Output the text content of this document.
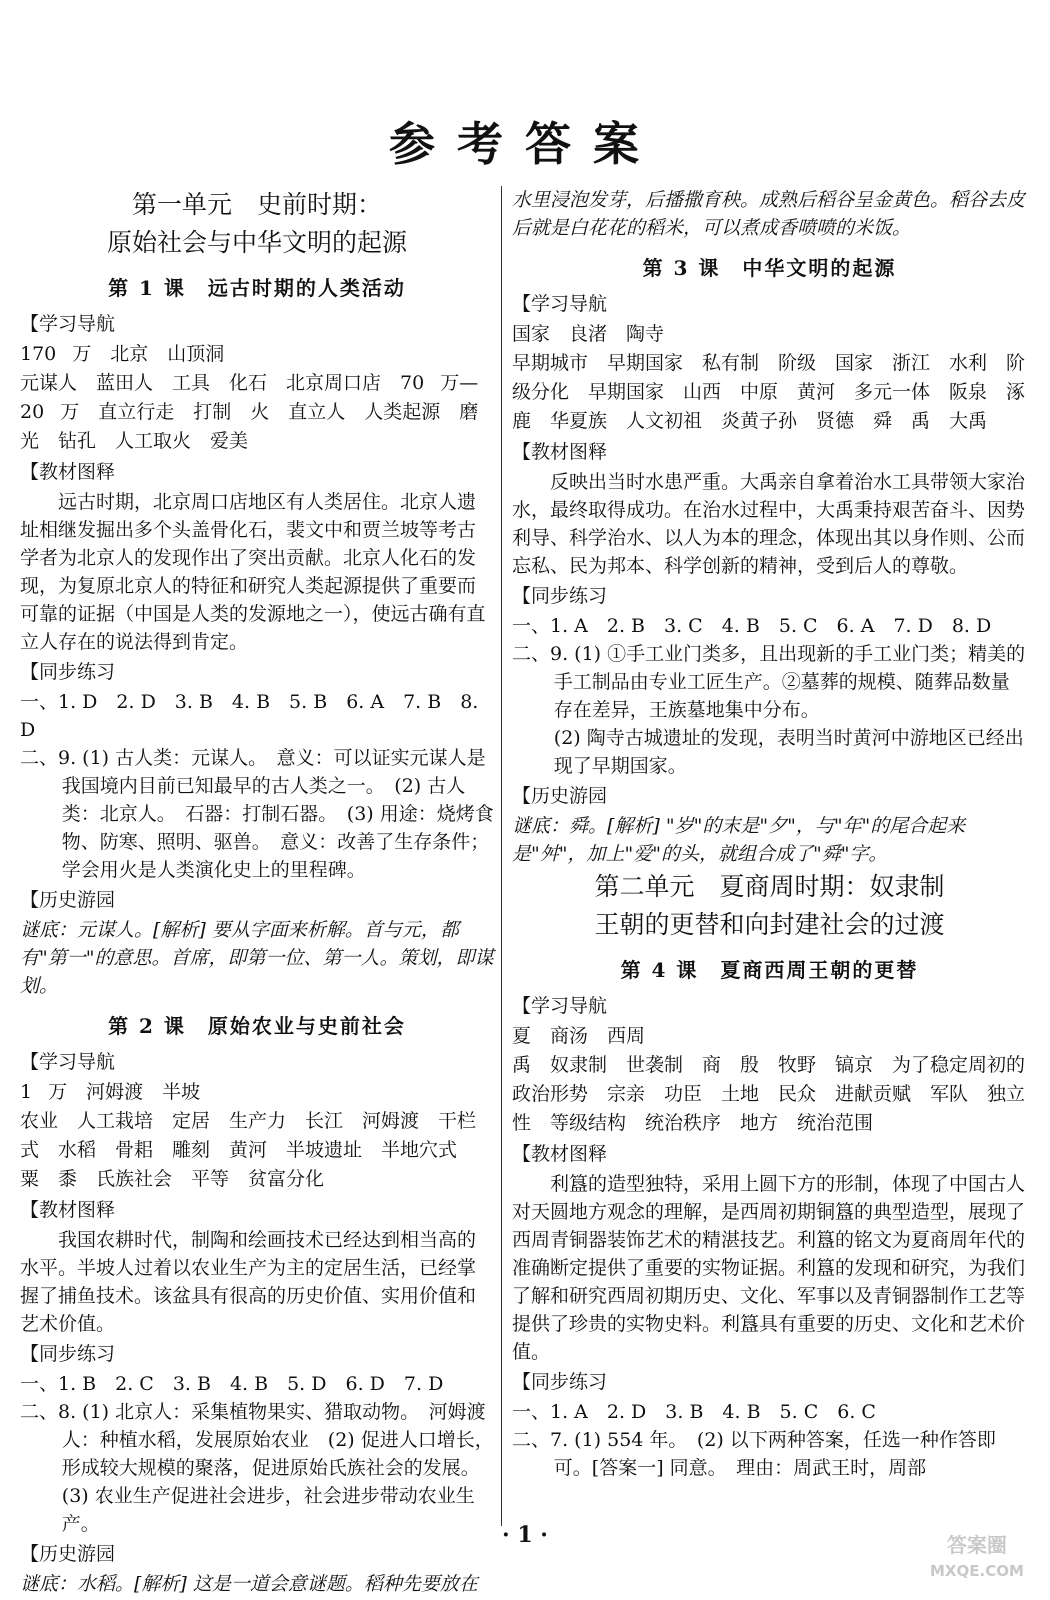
参考答案
第一单元　史前时期：
原始社会与中华文明的起源
第 1 课　远古时期的人类活动
【学习导航

170 万　北京　山顶洞

元谋人　蓝田人　工具　化石　北京周口店　70 万—20 万　直立行走　打制　火　直立人　人类起源　磨光　钻孔　人工取火　爱美

【教材图释

远古时期，北京周口店地区有人类居住。北京人遗址相继发掘出多个头盖骨化石，裴文中和贾兰坡等考古学者为北京人的发现作出了突出贡献。北京人化石的发现，为复原北京人的特征和研究人类起源提供了重要而可靠的证据（中国是人类的发源地之一），使远古确有直立人存在的说法得到肯定。

【同步练习

一、1. D　2. D　3. B　4. B　5. B　6. A　7. B　8. D

二、9. (1) 古人类：元谋人。　意义：可以证实元谋人是我国境内目前已知最早的古人类之一。　(2) 古人类：北京人。　石器：打制石器。　(3) 用途：烧烤食物、防寒、照明、驱兽。　意义：改善了生存条件；学会用火是人类演化史上的里程碑。

【历史游园

谜底：元谋人。[解析] 要从字面来析解。首与元，都有"第一"的意思。首席，即第一位、第一人。策划，即谋划。

第 2 课　原始农业与史前社会
【学习导航

1 万　河姆渡　半坡

农业　人工栽培　定居　生产力　长江　河姆渡　干栏式　水稻　骨耜　雕刻　黄河　半坡遗址　半地穴式　粟　黍　氏族社会　平等　贫富分化

【教材图释

我国农耕时代，制陶和绘画技术已经达到相当高的水平。半坡人过着以农业生产为主的定居生活，已经掌握了捕鱼技术。该盆具有很高的历史价值、实用价值和艺术价值。

【同步练习

一、1. B　2. C　3. B　4. B　5. D　6. D　7. D

二、8. (1) 北京人：采集植物果实、猎取动物。　河姆渡人：种植水稻，发展原始农业　(2) 促进人口增长，形成较大规模的聚落，促进原始氏族社会的发展。　(3) 农业生产促进社会进步，社会进步带动农业生产。

【历史游园

谜底：水稻。[解析] 这是一道会意谜题。稻种先要放在

水里浸泡发芽，后播撒育秧。成熟后稻谷呈金黄色。稻谷去皮后就是白花花的稻米，可以煮成香喷喷的米饭。

第 3 课　中华文明的起源
【学习导航

国家　良渚　陶寺

早期城市　早期国家　私有制　阶级　国家　浙江　水利　阶级分化　早期国家　山西　中原　黄河　多元一体　阪泉　涿鹿　华夏族　人文初祖　炎黄子孙　贤德　舜　禹　大禹

【教材图释

反映出当时水患严重。大禹亲自拿着治水工具带领大家治水，最终取得成功。在治水过程中，大禹秉持艰苦奋斗、因势利导、科学治水、以人为本的理念，体现出其以身作则、公而忘私、民为邦本、科学创新的精神，受到后人的尊敬。

【同步练习

一、1. A　2. B　3. C　4. B　5. C　6. A　7. D　8. D

二、9. (1) ①手工业门类多，且出现新的手工业门类；精美的手工制品由专业工匠生产。②墓葬的规模、随葬品数量存在差异，王族墓地集中分布。

(2) 陶寺古城遗址的发现，表明当时黄河中游地区已经出现了早期国家。

【历史游园

谜底：舜。[解析] "岁"的末是"夕"，与"年"的尾合起来是"舛"，加上"爱"的头，就组合成了"舜"字。

第二单元　夏商周时期：奴隶制
王朝的更替和向封建社会的过渡
第 4 课　夏商西周王朝的更替
【学习导航

夏　商汤　西周

禹　奴隶制　世袭制　商　殷　牧野　镐京　为了稳定周初的政治形势　宗亲　功臣　土地　民众　进献贡赋　军队　独立性　等级结构　统治秩序　地方　统治范围

【教材图释

利簋的造型独特，采用上圆下方的形制，体现了中国古人对天圆地方观念的理解，是西周初期铜簋的典型造型，展现了西周青铜器装饰艺术的精湛技艺。利簋的铭文为夏商周年代的准确断定提供了重要的实物证据。利簋的发现和研究，为我们了解和研究西周初期历史、文化、军事以及青铜器制作工艺等提供了珍贵的实物史料。利簋具有重要的历史、文化和艺术价值。

【同步练习

一、1. A　2. D　3. B　4. B　5. C　6. C

二、7. (1) 554 年。　(2) 以下两种答案，任选一种作答即可。[答案一] 同意。　理由：周武王时，周部

· 1 ·	答案圈
MXQE.COM
